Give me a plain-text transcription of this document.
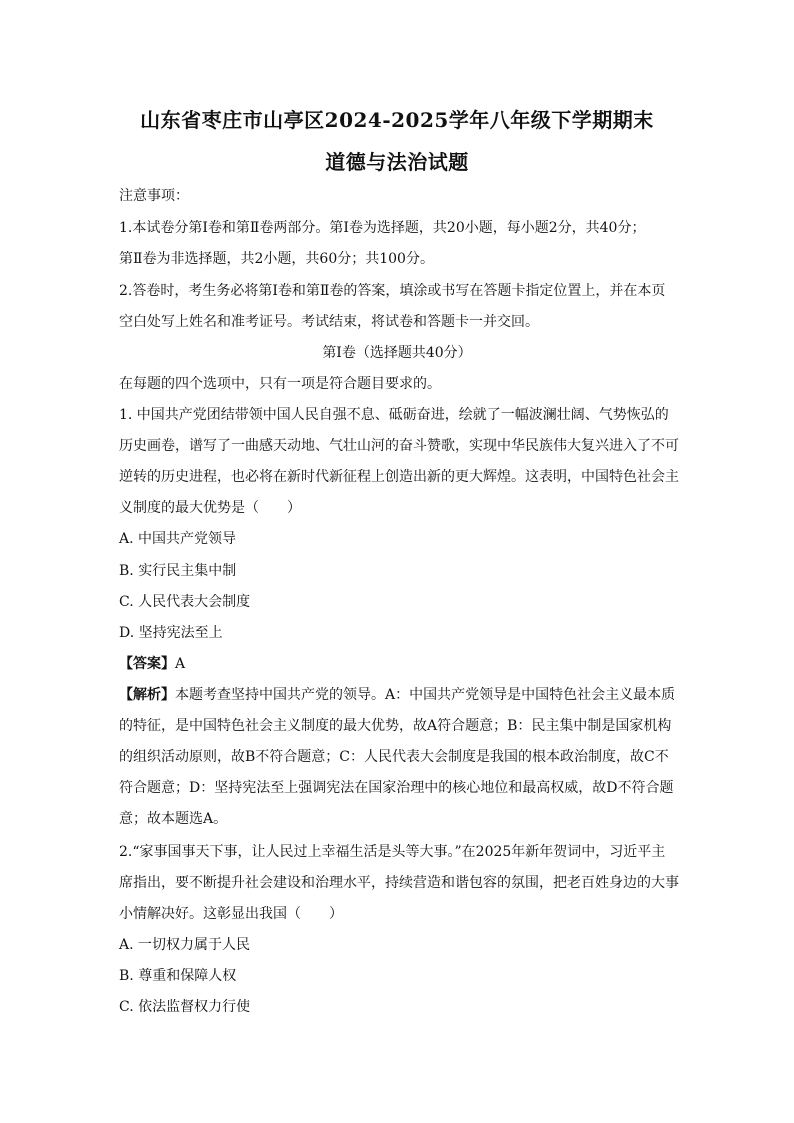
山东省枣庄市山亭区2024-2025学年八年级下学期期末
道德与法治试题
注意事项：
1.本试卷分第Ⅰ卷和第Ⅱ卷两部分。第Ⅰ卷为选择题，共20小题，每小题2分，共40分；
第Ⅱ卷为非选择题，共2小题，共60分；共100分。
2.答卷时，考生务必将第Ⅰ卷和第Ⅱ卷的答案，填涂或书写在答题卡指定位置上，并在本页
空白处写上姓名和准考证号。考试结束，将试卷和答题卡一并交回。
第Ⅰ卷（选择题共40分）
在每题的四个选项中，只有一项是符合题目要求的。
1. 中国共产党团结带领中国人民自强不息、砥砺奋进，绘就了一幅波澜壮阔、气势恢弘的
历史画卷，谱写了一曲感天动地、气壮山河的奋斗赞歌，实现中华民族伟大复兴进入了不可
逆转的历史进程，也必将在新时代新征程上创造出新的更大辉煌。这表明，中国特色社会主
义制度的最大优势是（　　）
A. 中国共产党领导
B. 实行民主集中制
C. 人民代表大会制度
D. 坚持宪法至上
【答案】A
【解析】本题考查坚持中国共产党的领导。A：中国共产党领导是中国特色社会主义最本质
的特征，是中国特色社会主义制度的最大优势，故A符合题意；B：民主集中制是国家机构
的组织活动原则，故B不符合题意；C：人民代表大会制度是我国的根本政治制度，故C不
符合题意；D：坚持宪法至上强调宪法在国家治理中的核心地位和最高权威，故D不符合题
意；故本题选A。
2.“家事国事天下事，让人民过上幸福生活是头等大事。”在2025年新年贺词中，习近平主
席指出，要不断提升社会建设和治理水平，持续营造和谐包容的氛围，把老百姓身边的大事
小情解决好。这彰显出我国（　　）
A. 一切权力属于人民
B. 尊重和保障人权
C. 依法监督权力行使
